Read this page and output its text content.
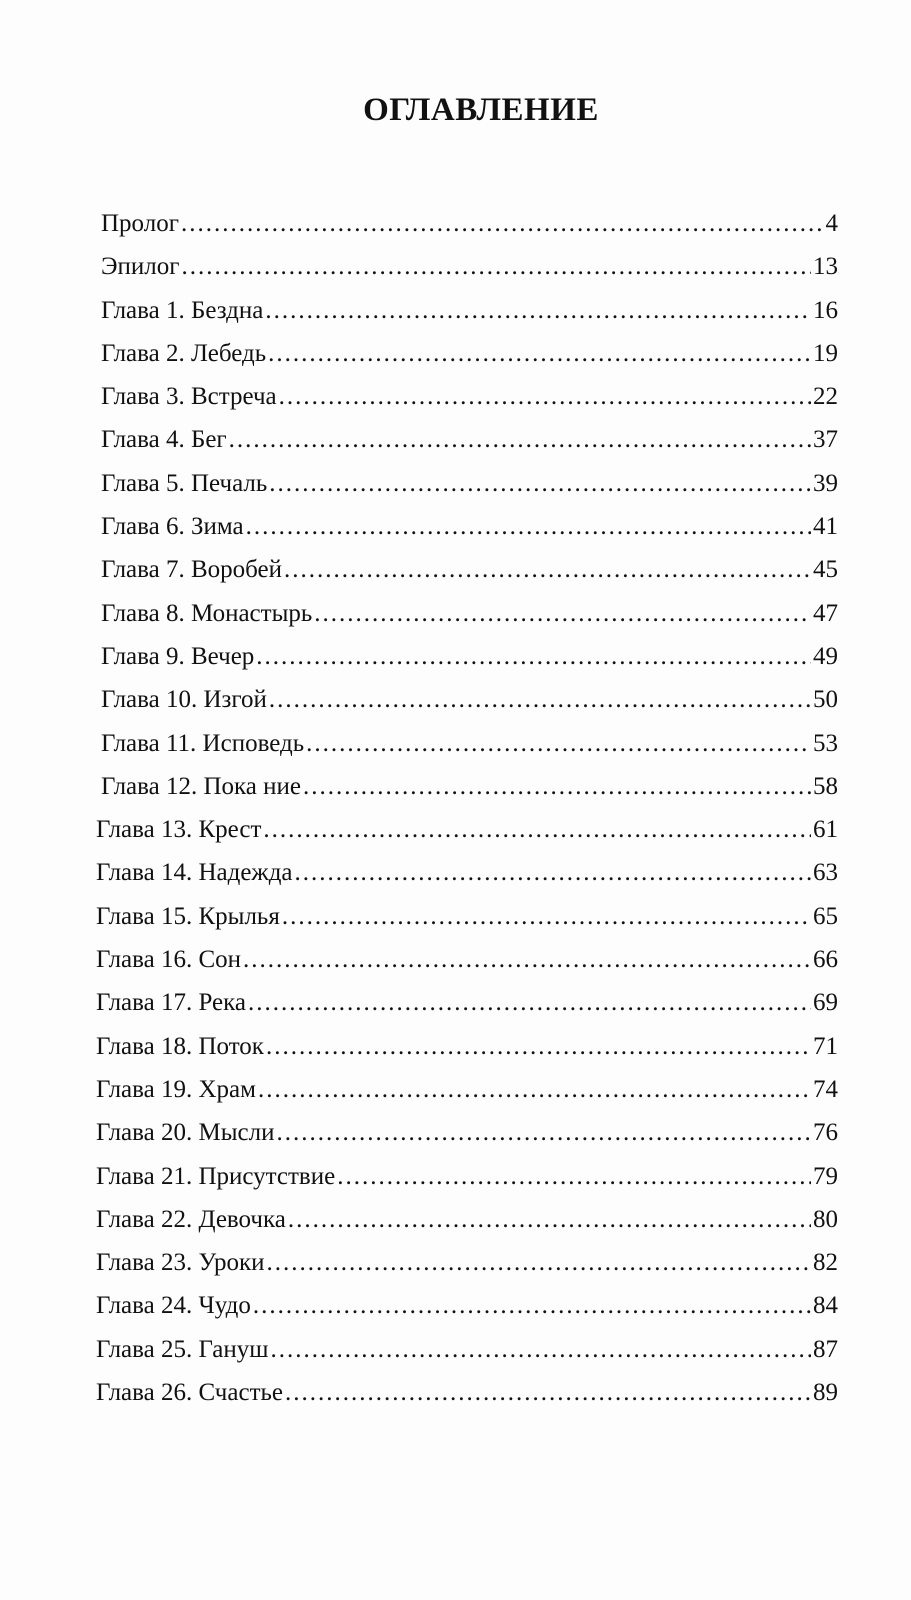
ОГЛАВЛЕНИЕ
Пролог .....	4
Эпилог .....	13
Глава 1. Бездна .....	16
Глава 2. Лебедь .....	19
Глава 3. Встреча .....	22
Глава 4. Бег .....	37
Глава 5. Печаль .....	39
Глава 6. Зима .....	41
Глава 7. Воробей .....	45
Глава 8. Монастырь .....	47
Глава 9. Вечер .....	49
Глава 10. Изгой .....	50
Глава 11. Исповедь .....	53
Глава 12. Пока ние .....	58
Глава 13. Крест .....	61
Глава 14. Надежда .....	63
Глава 15. Крылья .....	65
Глава 16. Сон .....	66
Глава 17. Река .....	69
Глава 18. Поток .....	71
Глава 19. Храм .....	74
Глава 20. Мысли .....	76
Глава 21. Присутствие .....	79
Глава 22. Девочка .....	80
Глава 23. Уроки .....	82
Глава 24. Чудо .....	84
Глава 25. Гануш .....	87
Глава 26. Счастье .....	89
